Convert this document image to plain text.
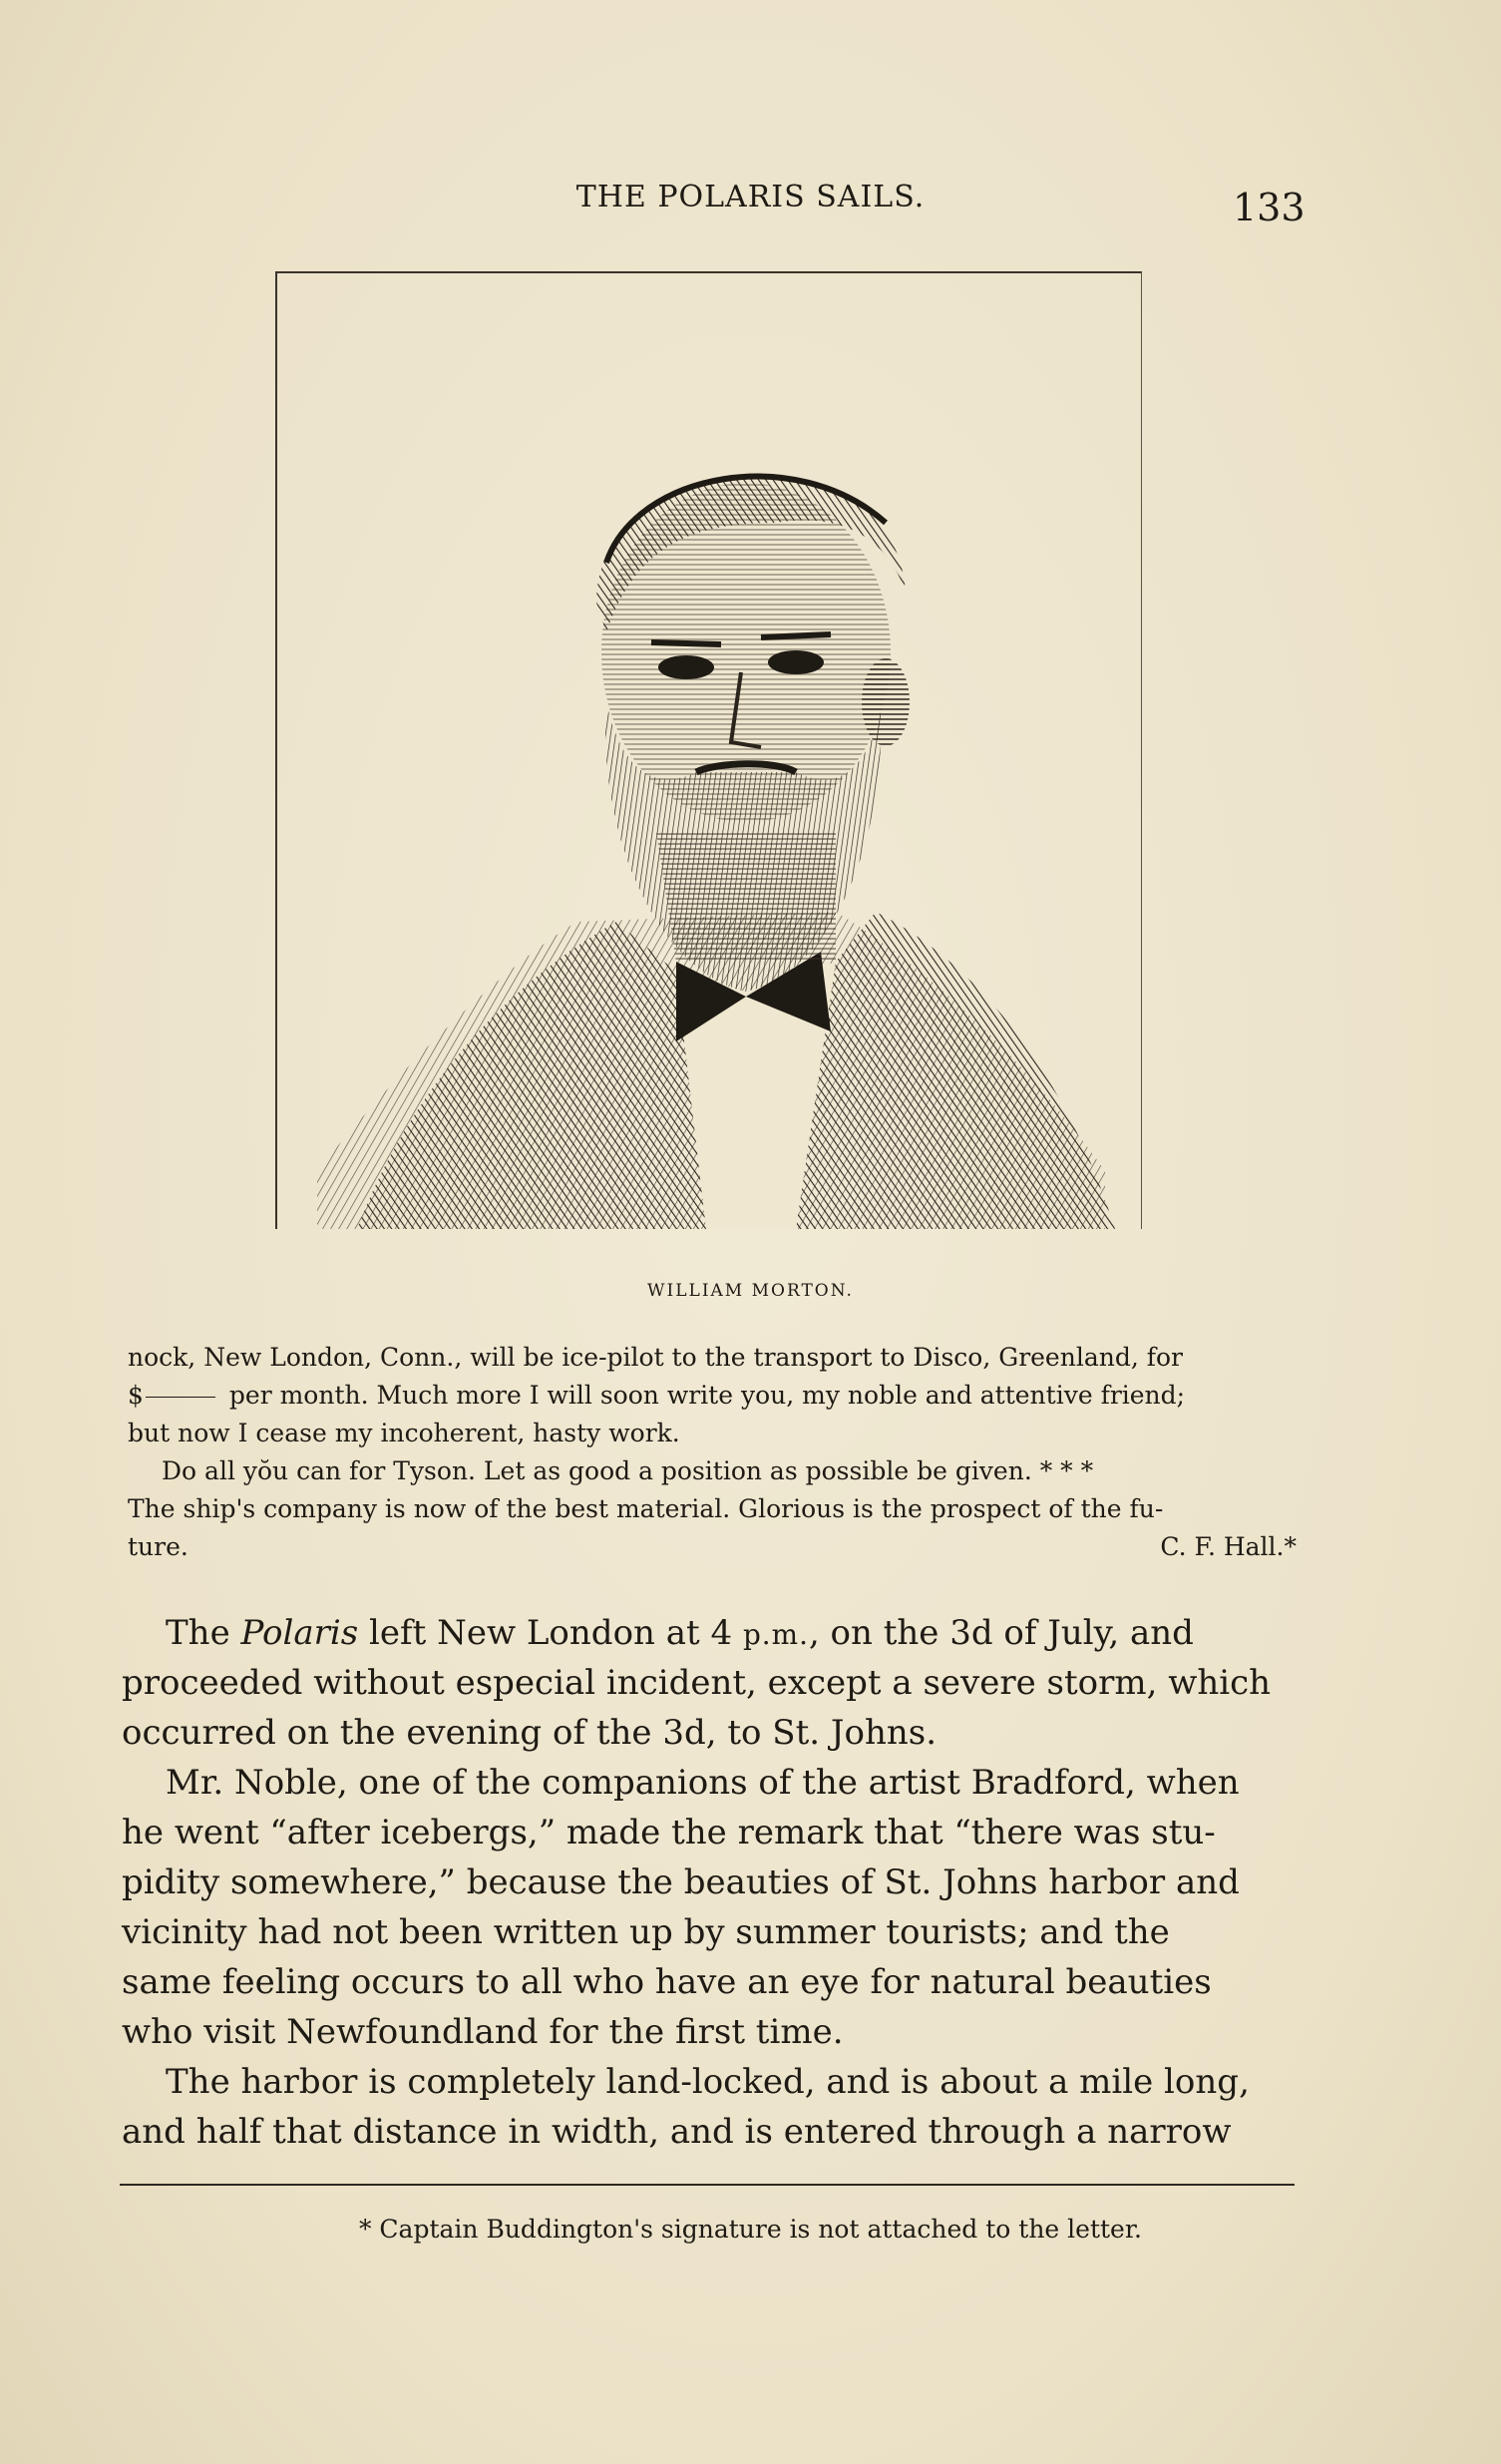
THE POLARIS SAILS.	133
WILLIAM MORTON.
nock, New London, Conn., will be ice-pilot to the transport to Disco, Greenland, for
$	per month. Much more I will soon write you, my noble and attentive friend;
but now I cease my incoherent, hasty work.
Do all yŏu can for Tyson. Let as good a position as possible be given. * * *
The ship's company is now of the best material. Glorious is the prospect of the fu-
ture.	C. F. Hall.*
The Polaris left New London at 4 p.m., on the 3d of July, and
proceeded without especial incident, except a severe storm, which
occurred on the evening of the 3d, to St. Johns.
Mr. Noble, one of the companions of the artist Bradford, when
he went “after icebergs,” made the remark that “there was stu-
pidity somewhere,” because the beauties of St. Johns harbor and
vicinity had not been written up by summer tourists; and the
same feeling occurs to all who have an eye for natural beauties
who visit Newfoundland for the first time.
The harbor is completely land-locked, and is about a mile long,
and half that distance in width, and is entered through a narrow
* Captain Buddington's signature is not attached to the letter.
